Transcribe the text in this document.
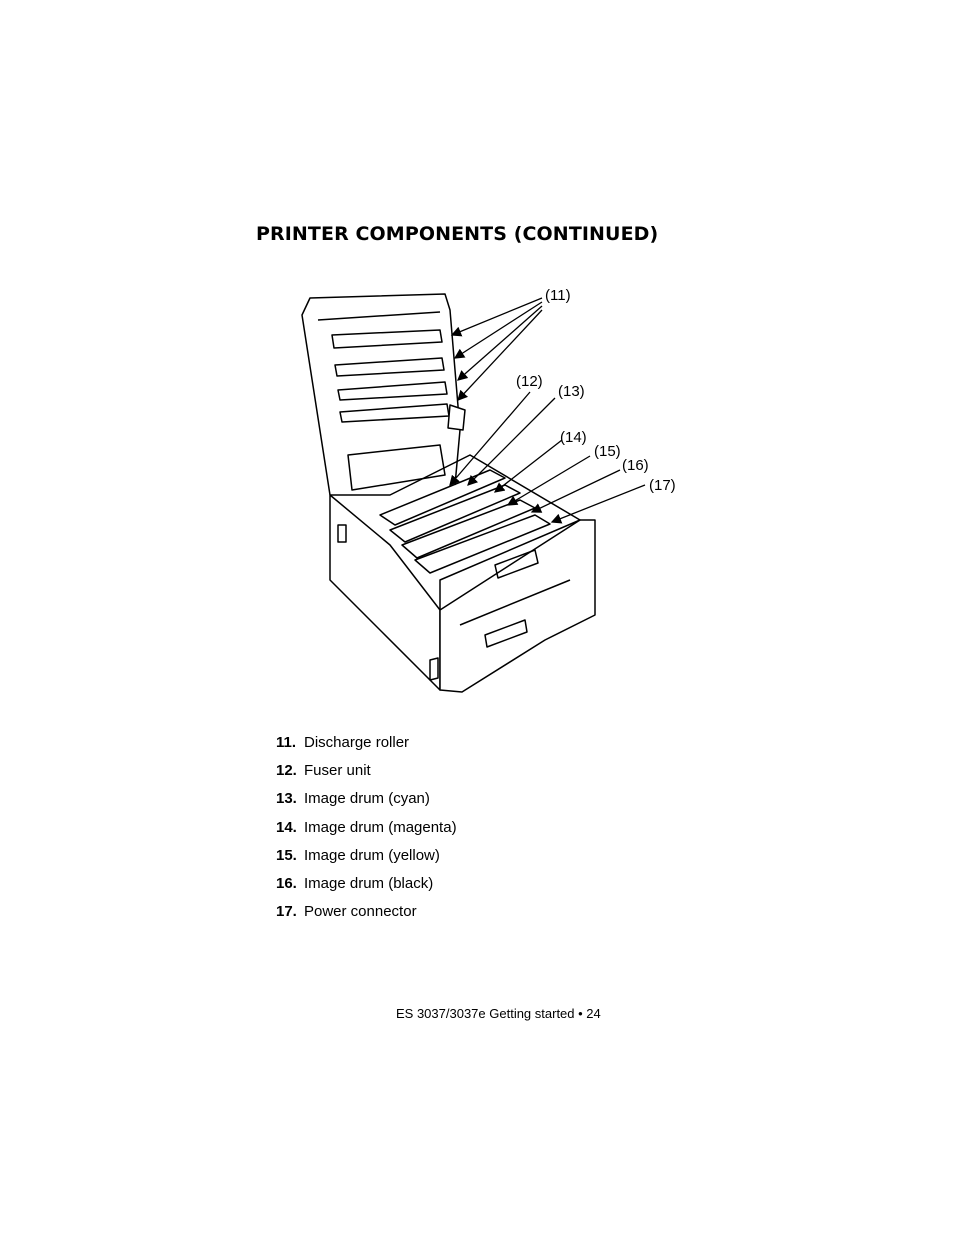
PRINTER COMPONENTS (CONTINUED)
(11)
(12)
(13)
(14)
(15)
(16)
(17)
11. Discharge roller
12. Fuser unit
13. Image drum (cyan)
14. Image drum (magenta)
15. Image drum (yellow)
16. Image drum (black)
17. Power connector
ES 3037/3037e Getting started • 24
